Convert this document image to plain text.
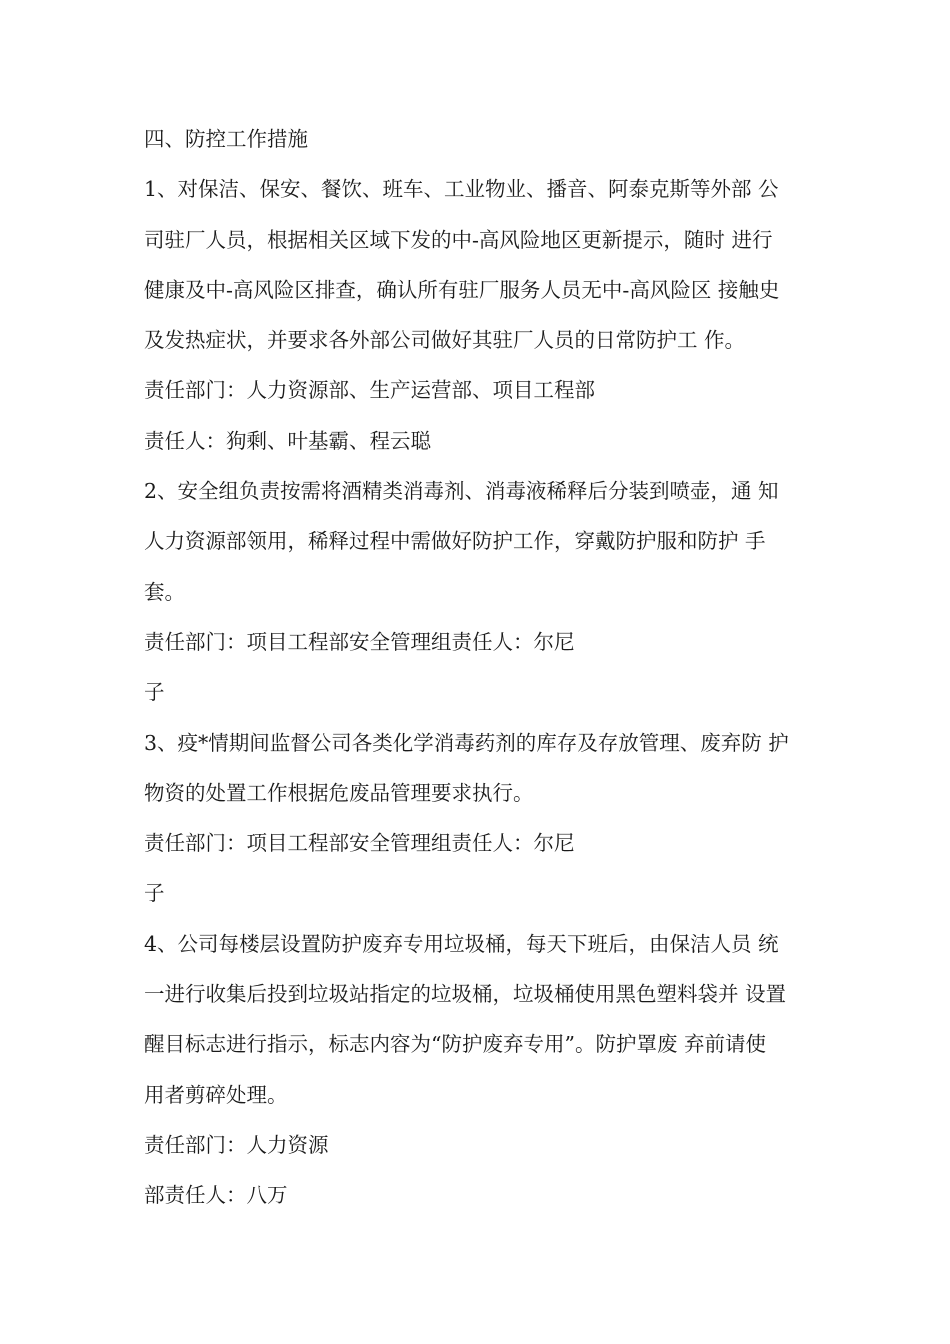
四、防控工作措施
1、对保洁、保安、餐饮、班车、工业物业、播音、阿泰克斯等外部 公
司驻厂人员，根据相关区域下发的中-高风险地区更新提示，随时 进行
健康及中-高风险区排查，确认所有驻厂服务人员无中-高风险区 接触史
及发热症状，并要求各外部公司做好其驻厂人员的日常防护工 作。
责任部门：人力资源部、生产运营部、项目工程部
责任人：狗剩、叶基霸、程云聪
2、安全组负责按需将酒精类消毒剂、消毒液稀释后分装到喷壶，通 知
人力资源部领用，稀释过程中需做好防护工作，穿戴防护服和防护 手
套。
责任部门：项目工程部安全管理组责任人：尔尼
子
3、疫*情期间监督公司各类化学消毒药剂的库存及存放管理、废弃防 护
物资的处置工作根据危废品管理要求执行。
责任部门：项目工程部安全管理组责任人：尔尼
子
4、公司每楼层设置防护废弃专用垃圾桶，每天下班后，由保洁人员 统
一进行收集后投到垃圾站指定的垃圾桶，垃圾桶使用黑色塑料袋并 设置
醒目标志进行指示，标志内容为“防护废弃专用”。防护罩废 弃前请使
用者剪碎处理。
责任部门：人力资源
部责任人：八万
